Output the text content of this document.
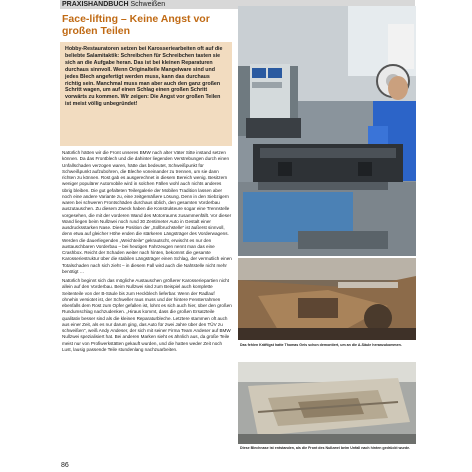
PRAXISHANDBUCH Schweißen
Face-lifting – Keine Angst vor großen Teilen

Hobby-Restauratoren setzen bei Karosseriearbeiten oft auf die beliebte Salamitaktik: Schreibchen für Schreibchen tasten sie sich an die Aufgabe heran. Das ist bei kleinen Reparaturen durchaus sinnvoll. Wenn Originalteile Mangelware sind und jedes Blech angefertigt werden muss, kann das durchaus richtig sein. Manchmal muss man aber auch den ganz großen Schritt wagen, um auf einen Schlag einen großen Schritt vorwärts zu kommen. Wir zeigen: Die Angst vor großen Teilen ist meist völlig unbegründet!

Natürlich hätten wir die Front unseres BMW nach alter Väter Sitte instand setzen können. Da das Frontblech und die dahinter liegenden Verstrebungen durch einen Unfallschaden verzogen waren, hätte das bedeutet, Schweißpunkt für Schweißpunkt aufzubohren, die Bleche voneinander zu trennen, um sie dann richten zu können. Rost gab es ausgerechnet in diesem Bereich wenig. Besitzern weniger populärer Automobile wird in solchen Fällen wohl auch nichts anderes übrig bleiben. Die gut gefalteten Teilergalerie der Mobilen Tradition lassen aber noch eine andere Variante zu, eine zeitgemäßere Lösung. Denn in den Siebzigern waren bei schweren Frontschäden durchaus üblich, den gesamten Vorderbau auszutauschen. Zu diesem Zweck haben die Konstrukteure sogar eine Trennstelle vorgesehen, die mit der vorderen Wand des Motorraums zusammenfällt. Vor dieser Wand liegen beim Nullzwei noch rund 30 Zentimeter Auto in Gestalt einer ausdrucksstarken Nase. Diese Position der „Sollbruchstelle“ ist äußerst sinnvoll, denn etwa auf gleicher Höhe enden die stärkeren Längsträger des Vorderwagens. Werden die dauerliegenden „Weichteile“ gekrautscht, erwischt es nur den austauschbaren Vorderbau – bei heutigen Fahrzeugen nennt man das eine Crashbox. Reicht der Schaden weiter nach hinten, bekommt die gesamte Karosseriestruktur über die stabilen Längsträger einen Schlag, der vermutlich einen Totalschaden nach sich zieht – in diesem Fall wird auch die Nahtstelle nicht mehr benötigt …

Natürlich beginnt sich das mögliche Austauschen größerer Karosseriepartien nicht allein auf den Vorderbau. Beim Nullzwei sind zum Beispiel auch komplette Seitenteile von der B-Säule bis zum Heckblech lieferbar. Wenn der Radlauf ohnehin versiotet ist, der Schweller raus muss und der hintere Fensterrahmen ebenfalls dem Rost zum Opfer gefallen ist, lohnt es sich auch hier, über den großen Rundumschlag nachzudenken. „Hiraus kommt, dass die großen Ersatzteile qualitativ besser sind als die kleinen Reparaturbleche. Letztere stammen oft auch aus einer Zeit, als es nur darum ging, das Auto für zwei Jahre über den TÜV zu schweißen“, weiß Andy Andeser, der sich mit seiner Firma Team Andeser auf BMW Nullzwei spezialisiert hat. Bei anderen Marken sieht es ähnlich aus, da große Teile meist nur von Profiwerkstätten gekauft wurden, und die hatten weder Zeit noch Lust, lausig passende Teile stundenlang nachzuarbeiten.

Das fehlen Kräftigst hatte Thomas Geis schon demontiert, um an die A-Säule heranzukommen.
Diese Blechnase ist entstanden, als die Front des Nullzwei beim Unfall nach hinten gedrückt wurde.
86
